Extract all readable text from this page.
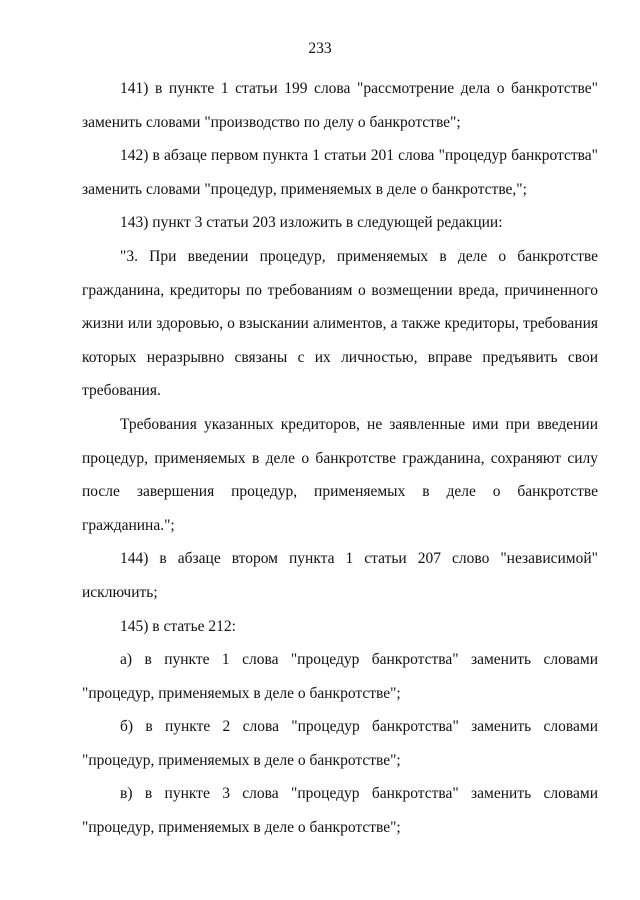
233

141) в пункте 1 статьи 199 слова "рассмотрение дела о банкротстве" заменить словами "производство по делу о банкротстве";

142) в абзаце первом пункта 1 статьи 201 слова "процедур банкротства" заменить словами "процедур, применяемых в деле о банкротстве,";

143) пункт 3 статьи 203 изложить в следующей редакции:

"3. При введении процедур, применяемых в деле о банкротстве гражданина, кредиторы по требованиям о возмещении вреда, причиненного жизни или здоровью, о взыскании алиментов, а также кредиторы, требования которых неразрывно связаны с их личностью, вправе предъявить свои требования.

Требования указанных кредиторов, не заявленные ими при введении процедур, применяемых в деле о банкротстве гражданина, сохраняют силу после завершения процедур, применяемых в деле о банкротстве гражданина.";

144) в абзаце втором пункта 1 статьи 207 слово "независимой" исключить;

145) в статье 212:

а) в пункте 1 слова "процедур банкротства" заменить словами "процедур, применяемых в деле о банкротстве";

б) в пункте 2 слова "процедур банкротства" заменить словами "процедур, применяемых в деле о банкротстве";

в) в пункте 3 слова "процедур банкротства" заменить словами "процедур, применяемых в деле о банкротстве";
